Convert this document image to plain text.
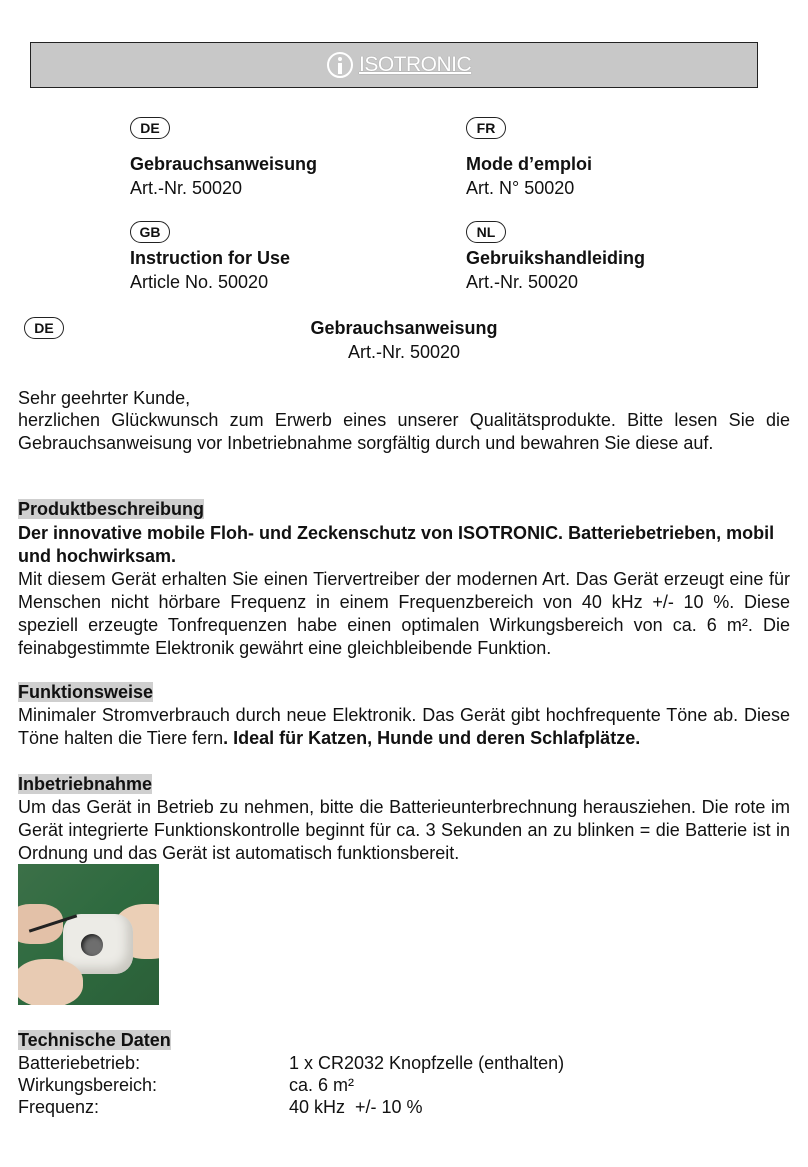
ISOTRONIC
DE
Gebrauchsanweisung
Art.-Nr. 50020
FR
Mode d’emploi
Art. N° 50020
GB
Instruction for Use
Article No. 50020
NL
Gebruikshandleiding
Art.-Nr. 50020
DE	Gebrauchsanweisung
Art.-Nr. 50020
Sehr geehrter Kunde,
herzlichen Glückwunsch zum Erwerb eines unserer Qualitätsprodukte. Bitte lesen Sie die Gebrauchsanweisung vor Inbetriebnahme sorgfältig durch und bewahren Sie diese auf.
Produktbeschreibung
Der innovative mobile Floh- und Zeckenschutz von ISOTRONIC. Batteriebetrieben, mobil und hochwirksam.
Mit diesem Gerät erhalten Sie einen Tiervertreiber der modernen Art. Das Gerät erzeugt eine für Menschen nicht hörbare Frequenz in einem Frequenzbereich von 40 kHz +/- 10 %. Diese speziell erzeugte Tonfrequenzen habe einen optimalen Wirkungsbereich von ca. 6 m². Die feinabgestimmte Elektronik gewährt eine gleichbleibende Funktion.
Funktionsweise
Minimaler Stromverbrauch durch neue Elektronik. Das Gerät gibt hochfrequente Töne ab. Diese Töne halten die Tiere fern. Ideal für Katzen, Hunde und deren Schlafplätze.
Inbetriebnahme
Um das Gerät in Betrieb zu nehmen, bitte die Batterieunterbrechnung herausziehen. Die rote im Gerät integrierte Funktionskontrolle beginnt für ca. 3 Sekunden an zu blinken = die Batterie ist in Ordnung und das Gerät ist automatisch funktionsbereit.
Technische Daten
Batteriebetrieb:	1 x CR2032 Knopfzelle (enthalten)
Wirkungsbereich:	ca. 6 m²
Frequenz:	40 kHz  +/- 10 %
